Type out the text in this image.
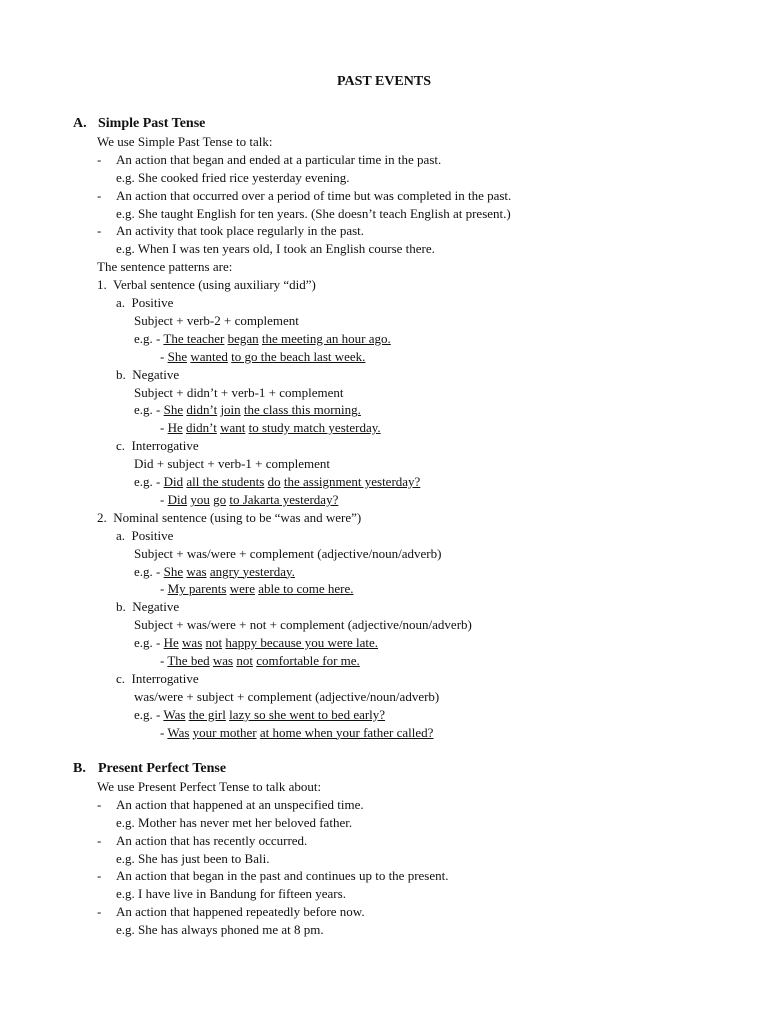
PAST EVENTS
A. Simple Past Tense
We use Simple Past Tense to talk:
- An action that began and ended at a particular time in the past.
e.g. She cooked fried rice yesterday evening.
- An action that occurred over a period of time but was completed in the past.
e.g. She taught English for ten years. (She doesn’t teach English at present.)
- An activity that took place regularly in the past.
e.g. When I was ten years old, I took an English course there.
The sentence patterns are:
1.  Verbal sentence (using auxiliary “did”)
a.  Positive
Subject + verb-2 + complement
e.g. - The teacher began the meeting an hour ago.
- She wanted to go the beach last week.
b.  Negative
Subject + didn’t + verb-1 + complement
e.g. - She didn’t join the class this morning.
- He didn’t want to study match yesterday.
c.  Interrogative
Did + subject + verb-1 + complement
e.g. - Did all the students do the assignment yesterday?
- Did you go to Jakarta yesterday?
2.  Nominal sentence (using to be “was and were”)
a.  Positive
Subject + was/were + complement (adjective/noun/adverb)
e.g. - She was angry yesterday.
- My parents were able to come here.
b.  Negative
Subject + was/were + not + complement (adjective/noun/adverb)
e.g. - He was not happy because you were late.
- The bed was not comfortable for me.
c.  Interrogative
was/were + subject + complement (adjective/noun/adverb)
e.g. - Was the girl lazy so she went to bed early?
- Was your mother at home when your father called?
B. Present Perfect Tense
We use Present Perfect Tense to talk about:
- An action that happened at an unspecified time.
e.g. Mother has never met her beloved father.
- An action that has recently occurred.
e.g. She has just been to Bali.
- An action that began in the past and continues up to the present.
e.g. I have live in Bandung for fifteen years.
- An action that happened repeatedly before now.
e.g. She has always phoned me at 8 pm.
